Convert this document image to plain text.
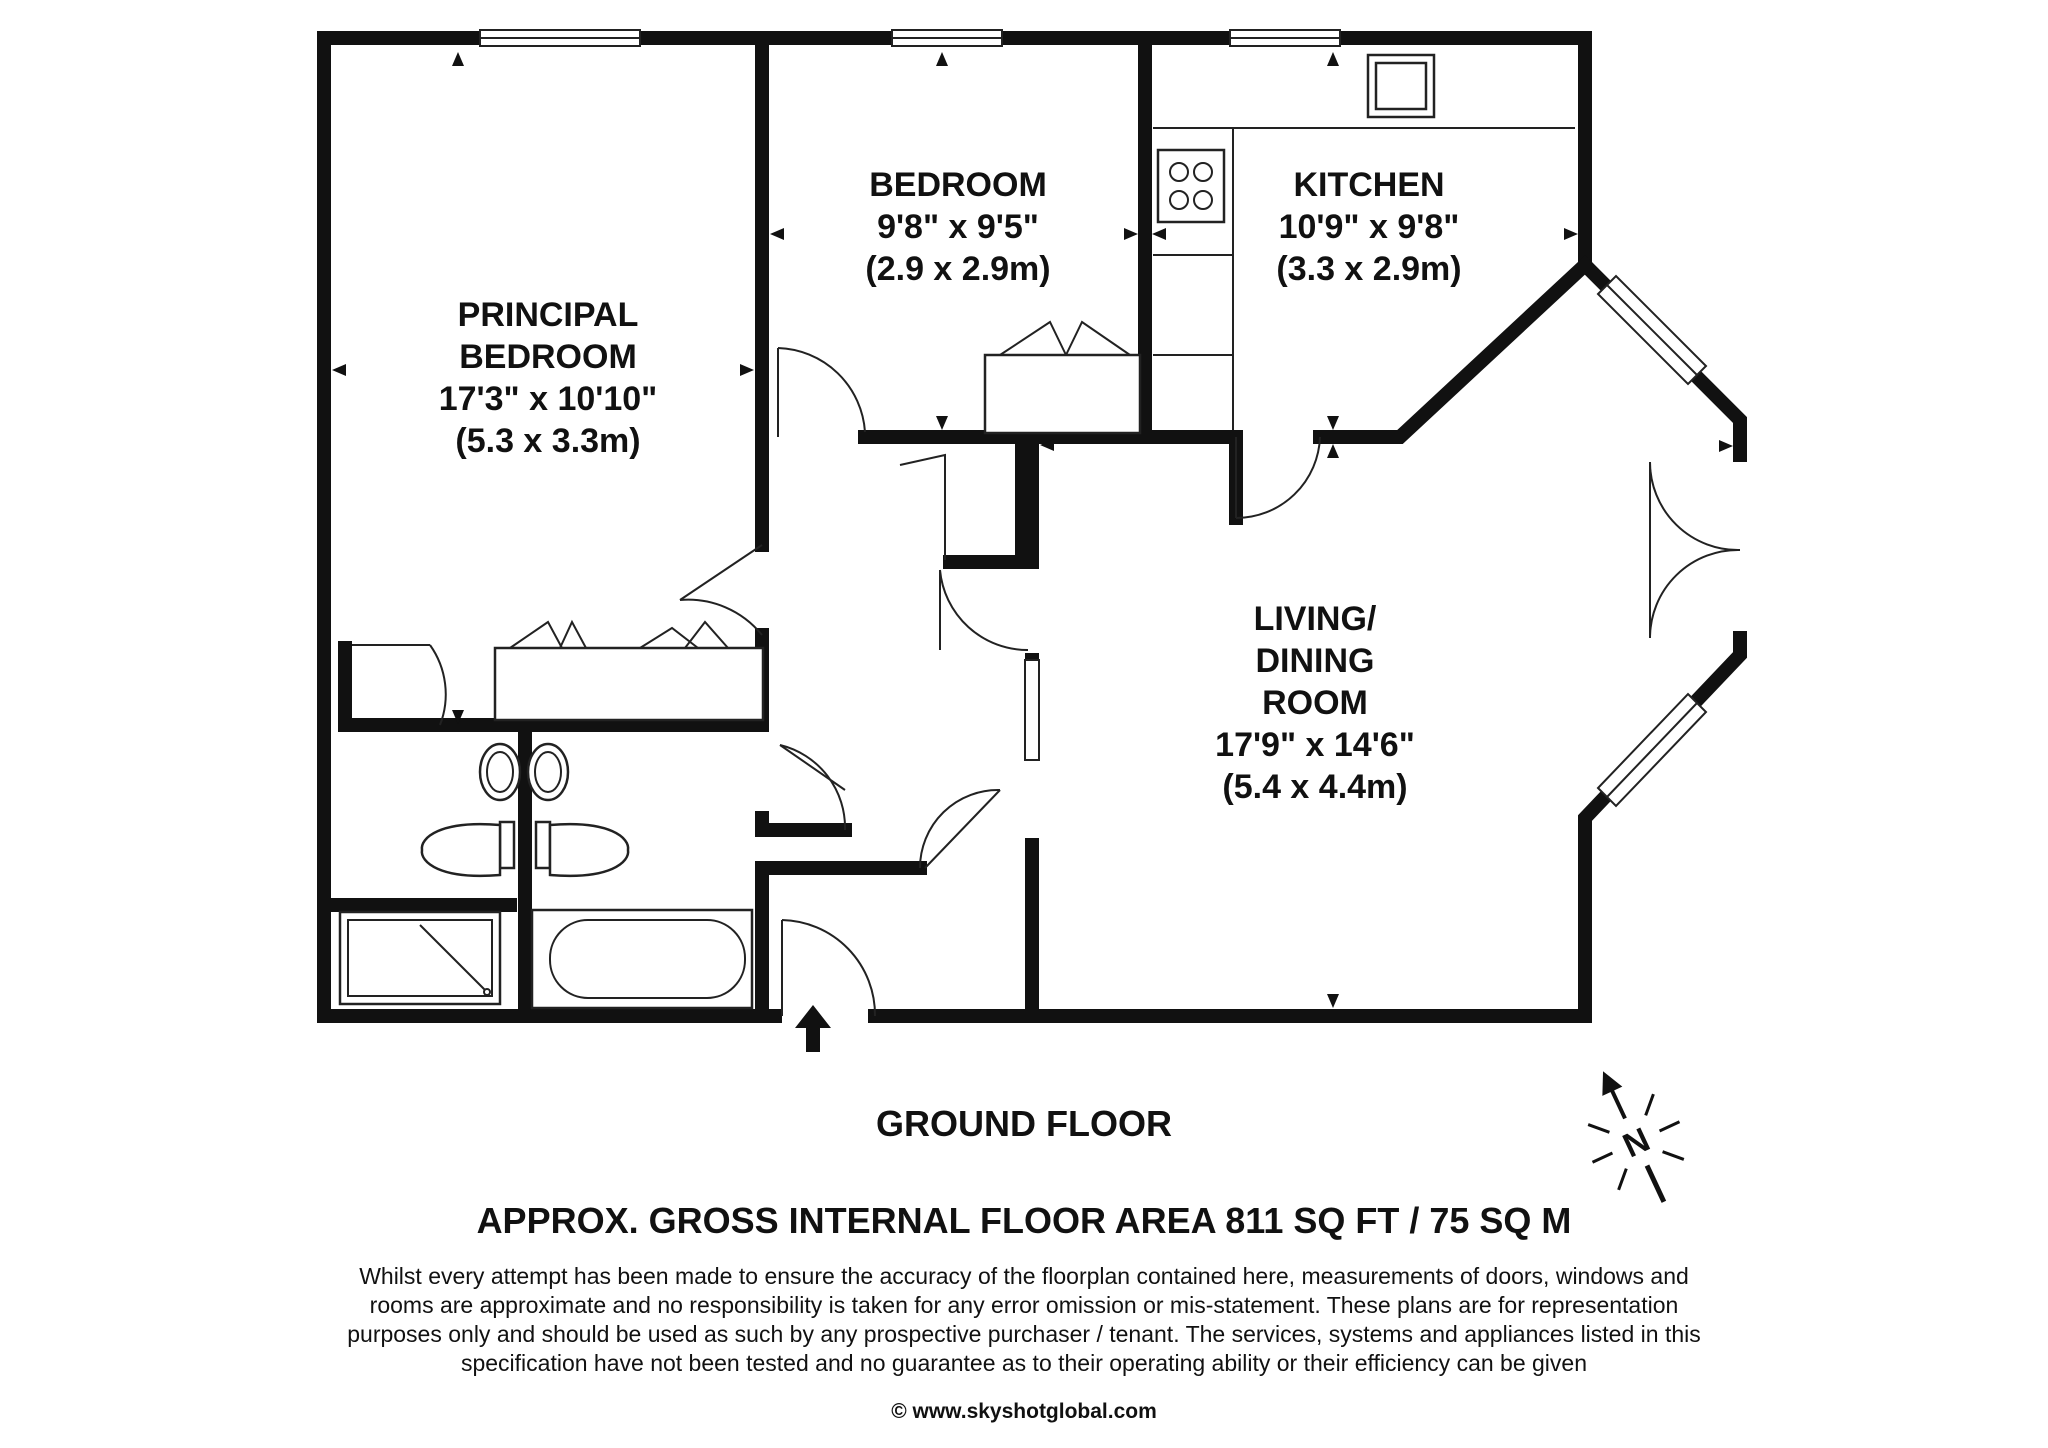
PRINCIPAL
BEDROOM
17'3" x 10'10"
(5.3 x 3.3m)
BEDROOM
9'8" x 9'5"
(2.9 x 2.9m)
KITCHEN
10'9" x 9'8"
(3.3 x 2.9m)
LIVING/
DINING
ROOM
17'9" x 14'6"
(5.4 x 4.4m)
N
GROUND FLOOR
APPROX. GROSS INTERNAL FLOOR AREA 811 SQ FT / 75 SQ M
Whilst every attempt has been made to ensure the accuracy of the floorplan contained here, measurements of doors, windows and
rooms are approximate and no responsibility is taken for any error omission or mis-statement. These plans are for representation
purposes only and should be used as such by any prospective purchaser / tenant. The services, systems and appliances listed in this
specification have not been tested and no guarantee as to their operating ability or their efficiency can be given
© www.skyshotglobal.com
